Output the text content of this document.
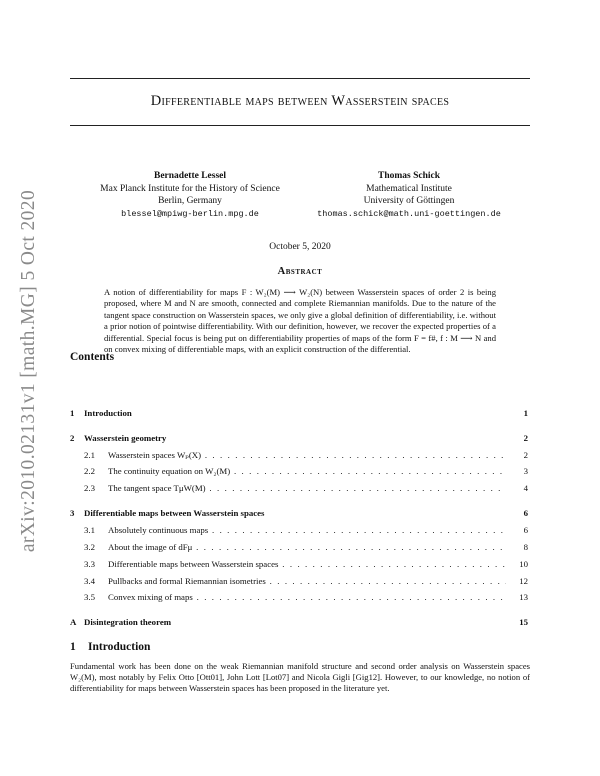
arXiv:2010.02131v1 [math.MG] 5 Oct 2020
Differentiable maps between Wasserstein spaces
Bernadette Lessel
Max Planck Institute for the History of Science
Berlin, Germany
blessel@mpiwg-berlin.mpg.de
Thomas Schick
Mathematical Institute
University of Göttingen
thomas.schick@math.uni-goettingen.de
October 5, 2020
Abstract
A notion of differentiability for maps F : W₂(M) ⟶ W₂(N) between Wasserstein spaces of order 2 is being proposed, where M and N are smooth, connected and complete Riemannian manifolds. Due to the nature of the tangent space construction on Wasserstein spaces, we only give a global definition of differentiability, i.e. without a prior notion of pointwise differentiability. With our definition, however, we recover the expected properties of a differential. Special focus is being put on differentiability properties of maps of the form F = f#, f : M ⟶ N and on convex mixing of differentiable maps, with an explicit construction of the differential.
Contents
1 Introduction	1
2 Wasserstein geometry	2
2.1 Wasserstein spaces Wₚ(X) . . .	2
2.2 The continuity equation on W₂(M) . . .	3
2.3 The tangent space TμW(M) . . .	4
3 Differentiable maps between Wasserstein spaces	6
3.1 Absolutely continuous maps . . .	6
3.2 About the image of dFμ . . .	8
3.3 Differentiable maps between Wasserstein spaces . . .	10
3.4 Pullbacks and formal Riemannian isometries . . .	12
3.5 Convex mixing of maps . . .	13
A Disintegration theorem	15
1 Introduction
Fundamental work has been done on the weak Riemannian manifold structure and second order analysis on Wasserstein spaces W₂(M), most notably by Felix Otto [Ott01], John Lott [Lot07] and Nicola Gigli [Gig12]. However, to our knowledge, no notion of differentiability for maps between Wasserstein spaces has been proposed in the literature yet.
